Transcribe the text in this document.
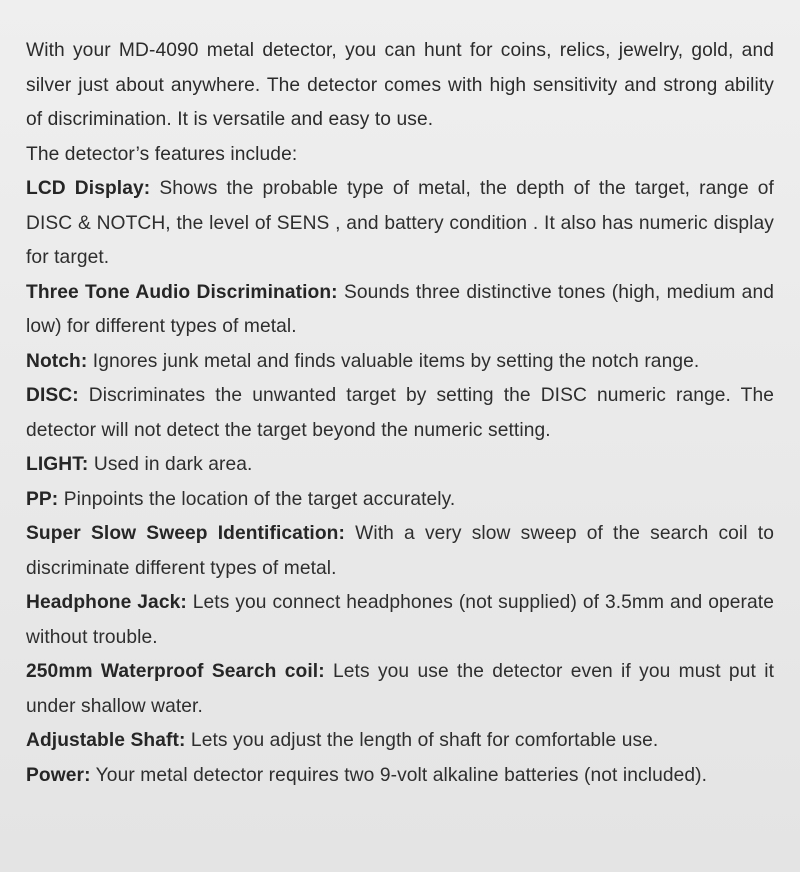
With your MD-4090 metal detector, you can hunt for coins, relics, jewelry, gold, and silver just about anywhere. The detector comes with high sensitivity and strong ability of discrimination. It is versatile and easy to use.
The detector’s features include:

LCD Display: Shows the probable type of metal, the depth of the target, range of DISC & NOTCH, the level of SENS , and battery condition . It also has numeric display for target.

Three Tone Audio Discrimination: Sounds three distinctive tones (high, medium and low) for different types of metal.

Notch: Ignores junk metal and finds valuable items by setting the notch range.

DISC: Discriminates the unwanted target by setting the DISC numeric range. The detector will not detect the target beyond the numeric setting.

LIGHT: Used in dark area.

PP: Pinpoints the location of the target accurately.

Super Slow Sweep Identification: With a very slow sweep of the search coil to discriminate different types of metal.

Headphone Jack: Lets you connect headphones (not supplied) of 3.5mm and operate without trouble.

250mm Waterproof Search coil: Lets you use the detector even if you must put it under shallow water.

Adjustable Shaft: Lets you adjust the length of shaft for comfortable use.

Power: Your metal detector requires two 9-volt alkaline batteries (not included).
